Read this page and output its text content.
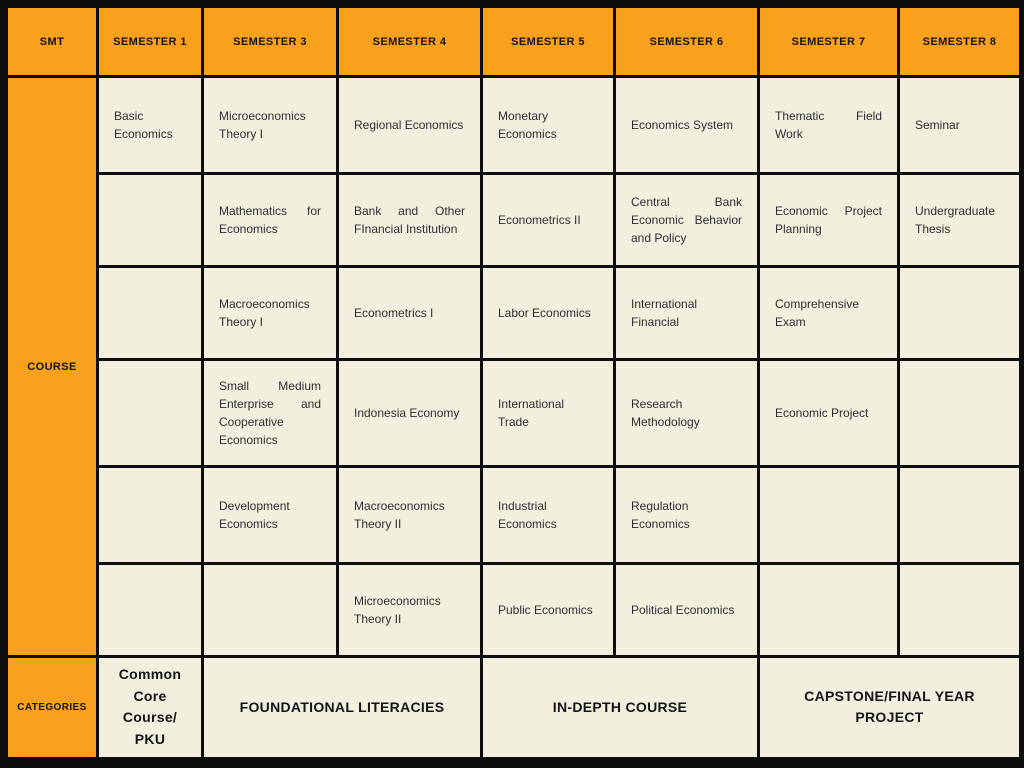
SMT	SEMESTER 1	SEMESTER 3	SEMESTER 4	SEMESTER 5	SEMESTER 6	SEMESTER 7	SEMESTER 8
COURSE	Basic Economics	Microeconomics Theory I	Regional Economics	Monetary Economics	Economics System	Thematic Field Work	Seminar
		Mathematics for Economics	Bank and Other FInancial Institution	Econometrics II	Central Bank Economic Behavior and Policy	Economic Project Planning	Undergraduate Thesis
		Macroeconomics Theory I	Econometrics I	Labor Economics	International Financial	Comprehensive Exam	
		Small Medium Enterprise and Cooperative Economics	Indonesia Economy	International Trade	Research Methodology	Economic Project	
		Development Economics	Macroeconomics Theory II	Industrial Economics	Regulation Economics		
			Microeconomics Theory II	Public Economics	Political Economics		
CATEGORIES	Common Core Course/ PKU	FOUNDATIONAL LITERACIES		IN-DEPTH COURSE		CAPSTONE/FINAL YEAR PROJECT	
